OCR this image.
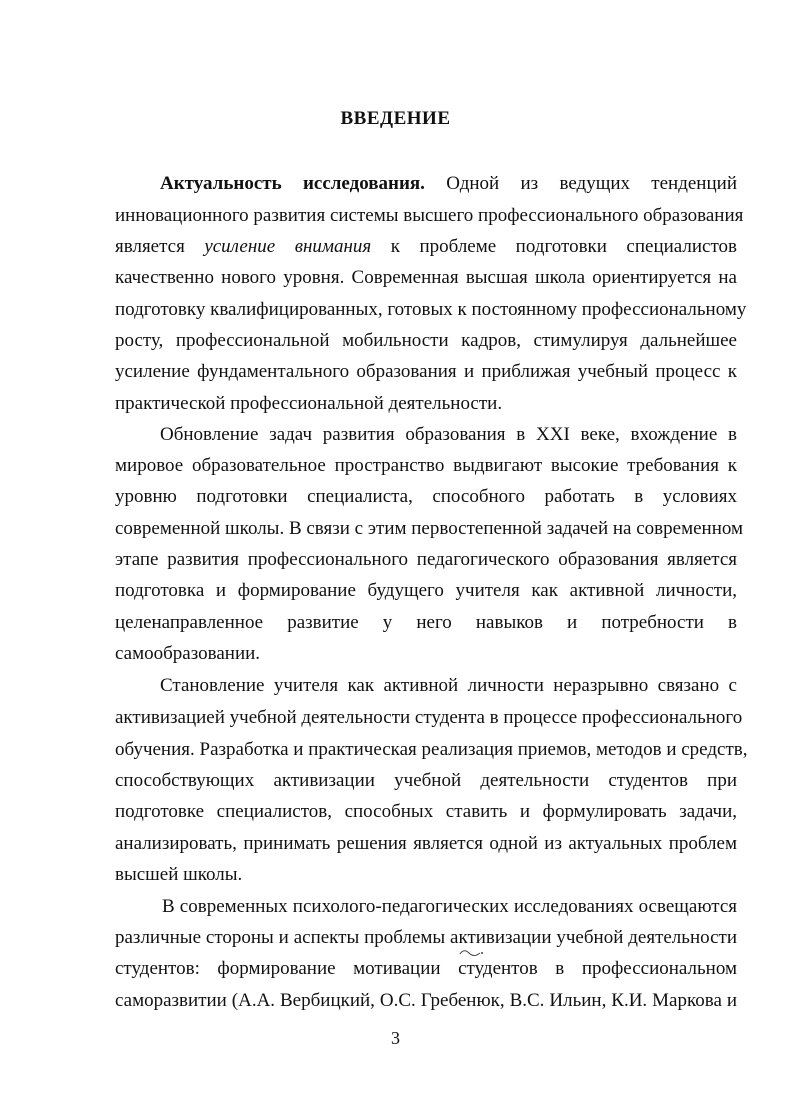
ВВЕДЕНИЕ
Актуальность исследования. Одной из ведущих тенденций
инновационного развития системы высшего профессионального образования
является усиление внимания к проблеме подготовки специалистов
качественно нового уровня. Современная высшая школа ориентируется на
подготовку квалифицированных, готовых к постоянному профессиональному
росту, профессиональной мобильности кадров, стимулируя дальнейшее
усиление фундаментального образования и приближая учебный процесс к
практической профессиональной деятельности.
Обновление задач развития образования в XXI веке, вхождение в
мировое образовательное пространство выдвигают высокие требования к
уровню подготовки специалиста, способного работать в условиях
современной школы. В связи с этим первостепенной задачей на современном
этапе развития профессионального педагогического образования является
подготовка и формирование будущего учителя как активной личности,
целенаправленное развитие у него навыков и потребности в
самообразовании.
Становление учителя как активной личности неразрывно связано с
активизацией учебной деятельности студента в процессе профессионального
обучения. Разработка и практическая реализация приемов, методов и средств,
способствующих активизации учебной деятельности студентов при
подготовке специалистов, способных ставить и формулировать задачи,
анализировать, принимать решения является одной из актуальных проблем
высшей школы.
В современных психолого-педагогических исследованиях освещаются
различные стороны и аспекты проблемы активизации учебной деятельности
студентов: формирование мотивации студентов в профессиональном
саморазвитии (А.А. Вербицкий, О.С. Гребенюк, В.С. Ильин, К.И. Маркова и
3
